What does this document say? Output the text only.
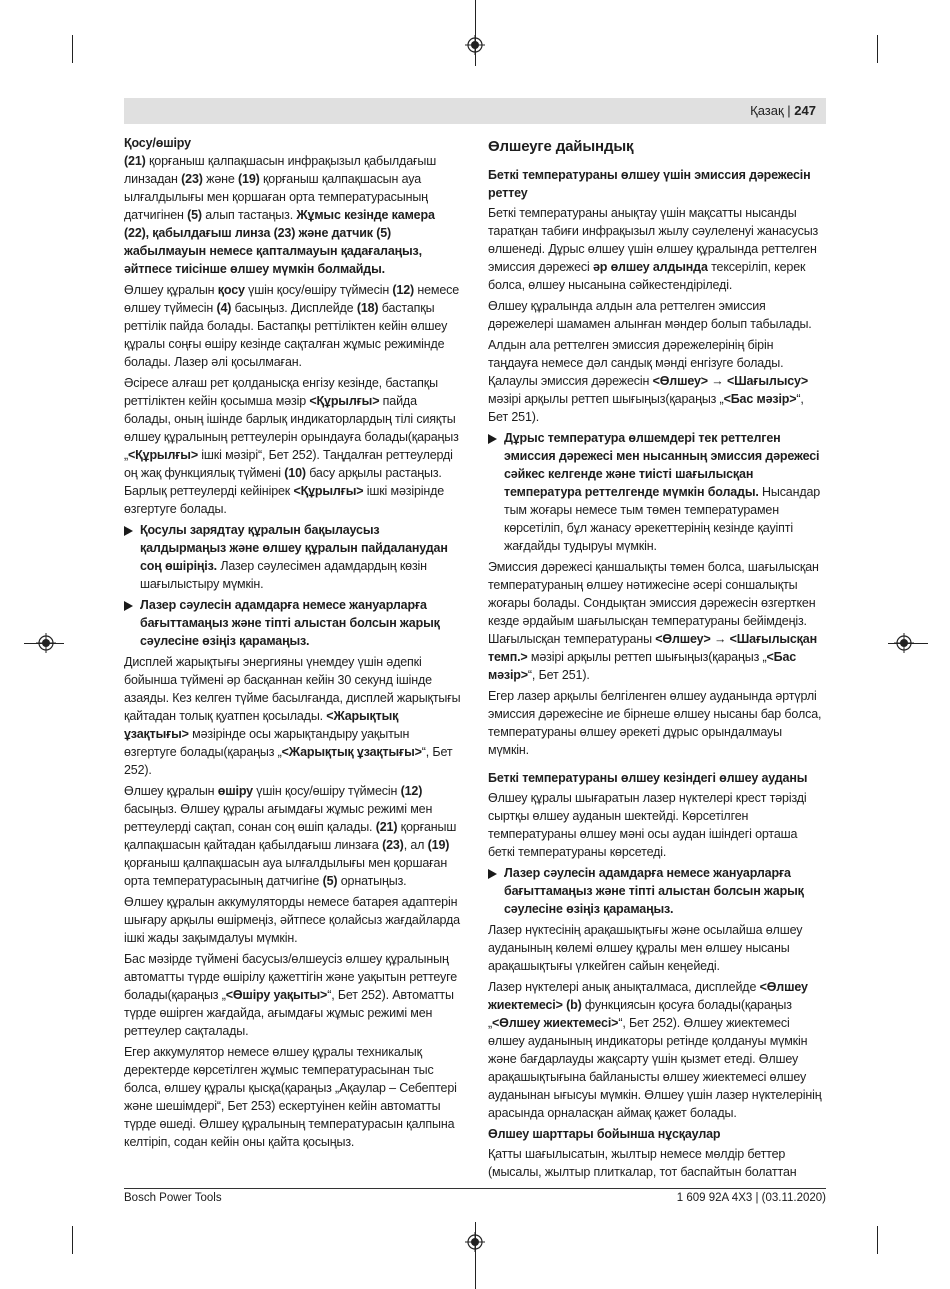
Қазақ | 247
Қосу/өшіру

(21) қорғаныш қалпақшасын инфрақызыл қабылдағыш линзадан (23) және (19) қорғаныш қалпақшасын ауа ылғалдылығы мен қоршаған орта температурасының датчигінен (5) алып тастаңыз. Жұмыс кезінде камера (22), қабылдағыш линза (23) және датчик (5) жабылмауын немесе қапталмауын қадағалаңыз, әйтпесе тиісінше өлшеу мүмкін болмайды.

Өлшеу құралын қосу үшін қосу/өшіру түймесін (12) немесе өлшеу түймесін (4) басыңыз. Дисплейде (18) бастапқы реттілік пайда болады. Бастапқы реттіліктен кейін өлшеу құралы соңғы өшіру кезінде сақталған жұмыс режимінде болады. Лазер әлі қосылмаған.

Әсіресе алғаш рет қолданысқа енгізу кезінде, бастапқы реттіліктен кейін қосымша мәзір <Құрылғы> пайда болады, оның ішінде барлық индикаторлардың тілі сияқты өлшеу құралының реттеулерін орындауға болады(қараңыз „<Құрылғы> ішкі мәзірі“, Бет 252). Таңдалған реттеулерді оң жақ функциялық түймені (10) басу арқылы растаңыз. Барлық реттеулерді кейінірек <Құрылғы> ішкі мәзірінде өзгертуге болады.

Қосулы зарядтау құралын бақылаусыз қалдырмаңыз және өлшеу құралын пайдаланудан соң өшіріңіз. Лазер сәулесімен адамдардың көзін шағылыстыру мүмкін.
Лазер сәулесін адамдарға немесе жануарларға бағыттамаңыз және тіпті алыстан болсын жарық сәулесіне өзіңіз қарамаңыз.

Дисплей жарықтығы энергияны үнемдеу үшін әдепкі бойынша түймені әр басқаннан кейін 30 секунд ішінде азаяды. Кез келген түйме басылғанда, дисплей жарықтығы қайтадан толық қуатпен қосылады. <Жарықтық ұзақтығы> мәзірінде осы жарықтандыру уақытын өзгертуге болады(қараңыз „<Жарықтық ұзақтығы>“, Бет 252).

Өлшеу құралын өшіру үшін қосу/өшіру түймесін (12) басыңыз. Өлшеу құралы ағымдағы жұмыс режимі мен реттеулерді сақтап, сонан соң өшіп қалады. (21) қорғаныш қалпақшасын қайтадан қабылдағыш линзаға (23), ал (19) қорғаныш қалпақшасын ауа ылғалдылығы мен қоршаған орта температурасының датчигіне (5) орнатыңыз.

Өлшеу құралын аккумуляторды немесе батарея адаптерін шығару арқылы өшірмеңіз, әйтпесе қолайсыз жағдайларда ішкі жады зақымдалуы мүмкін.

Бас мәзірде түймені басусыз/өлшеусіз өлшеу құралының автоматты түрде өшірілу қажеттігін және уақытын реттеуге болады(қараңыз „<Өшіру уақыты>“, Бет 252). Автоматты түрде өшірген жағдайда, ағымдағы жұмыс режимі мен реттеулер сақталады.

Егер аккумулятор немесе өлшеу құралы техникалық деректерде көрсетілген жұмыс температурасынан тыс болса, өлшеу құралы қысқа(қараңыз „Ақаулар – Себептері және шешімдері“, Бет 253) ескертуінен кейін автоматты түрде өшеді. Өлшеу құралының температурасын қалпына келтіріп, содан кейін оны қайта қосыңыз.

Өлшеуге дайындық
Беткі температураны өлшеу үшін эмиссия дәрежесін реттеу

Беткі температураны анықтау үшін мақсатты нысанды таратқан табиғи инфрақызыл жылу сәулеленуі жанасусыз өлшенеді. Дұрыс өлшеу үшін өлшеу құралында реттелген эмиссия дәрежесі әр өлшеу алдында тексеріліп, керек болса, өлшеу нысанына сәйкестендіріледі.

Өлшеу құралында алдын ала реттелген эмиссия дәрежелері шамамен алынған мәндер болып табылады.

Алдын ала реттелген эмиссия дәрежелерінің бірін таңдауға немесе дәл сандық мәнді енгізуге болады. Қалаулы эмиссия дәрежесін <Өлшеу> → <Шағылысу> мәзірі арқылы реттеп шығыңыз(қараңыз „<Бас мәзір>“, Бет 251).

Дұрыс температура өлшемдері тек реттелген эмиссия дәрежесі мен нысанның эмиссия дәрежесі сәйкес келгенде және тиісті шағылысқан температура реттелгенде мүмкін болады. Нысандар тым жоғары немесе тым төмен температурамен көрсетіліп, бұл жанасу әрекеттерінің кезінде қауіпті жағдайды тудыруы мүмкін.

Эмиссия дәрежесі қаншалықты төмен болса, шағылысқан температураның өлшеу нәтижесіне әсері соншалықты жоғары болады. Сондықтан эмиссия дәрежесін өзгерткен кезде әрдайым шағылысқан температураны бейімдеңіз. Шағылысқан температураны <Өлшеу> → <Шағылысқан темп.> мәзірі арқылы реттеп шығыңыз(қараңыз „<Бас мәзір>“, Бет 251).

Егер лазер арқылы белгіленген өлшеу ауданында әртүрлі эмиссия дәрежесіне ие бірнеше өлшеу нысаны бар болса, температураны өлшеу әрекеті дұрыс орындалмауы мүмкін.

Беткі температураны өлшеу кезіндегі өлшеу ауданы

Өлшеу құралы шығаратын лазер нүктелері крест тәрізді сыртқы өлшеу ауданын шектейді. Көрсетілген температураны өлшеу мәні осы аудан ішіндегі орташа беткі температураны көрсетеді.

Лазер сәулесін адамдарға немесе жануарларға бағыттамаңыз және тіпті алыстан болсын жарық сәулесіне өзіңіз қарамаңыз.

Лазер нүктесінің арақашықтығы және осылайша өлшеу ауданының көлемі өлшеу құралы мен өлшеу нысаны арақашықтығы үлкейген сайын кеңейеді.

Лазер нүктелері анық анықталмаса, дисплейде <Өлшеу жиектемесі> (b) функциясын қосуға болады(қараңыз „<Өлшеу жиектемесі>“, Бет 252). Өлшеу жиектемесі өлшеу ауданының индикаторы ретінде қолдануы мүмкін және бағдарлауды жақсарту үшін қызмет етеді. Өлшеу арақашықтығына байланысты өлшеу жиектемесі өлшеу ауданынан ығысуы мүмкін. Өлшеу үшін лазер нүктелерінің арасында орналасқан аймақ қажет болады.

Өлшеу шарттары бойынша нұсқаулар

Қатты шағылысатын, жылтыр немесе мөлдір беттер (мысалы, жылтыр плиткалар, тот баспайтын болаттан

Bosch Power Tools	1 609 92A 4X3 | (03.11.2020)
